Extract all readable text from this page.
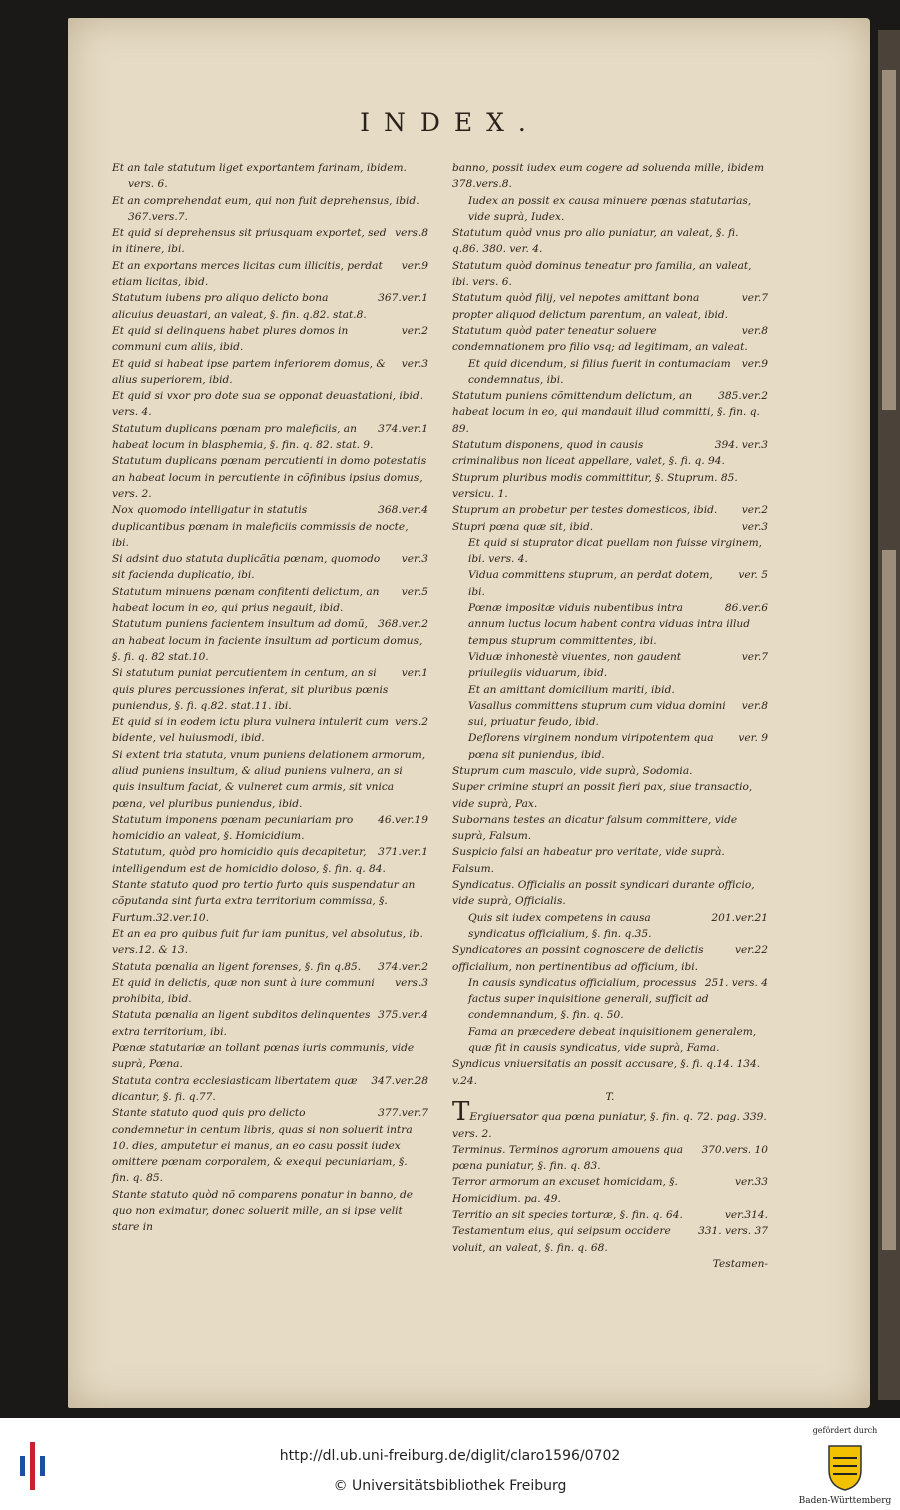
INDEX.

Et an tale statutum liget exportantem farinam, ibidem.

vers. 6.

Et an comprehendat eum, qui non fuit deprehensus, ibid.

367.vers.7.

vers.8
Et quid si deprehensus sit priusquam exportet, sed in itinere, ibi.

ver.9
Et an exportans merces licitas cum illicitis, perdat etiam licitas, ibid.

367.ver.1
Statutum iubens pro aliquo delicto bona alicuius deuastari, an valeat, §. fin. q.82. stat.8.

ver.2
Et quid si delinquens habet plures domos in communi cum aliis, ibid.

ver.3
Et quid si habeat ipse partem inferiorem domus, & alius superiorem, ibid.

Et quid si vxor pro dote sua se opponat deuastationi, ibid. vers. 4.

374.ver.1
Statutum duplicans pœnam pro maleficiis, an habeat locum in blasphemia, §. fin. q. 82. stat. 9.

Statutum duplicans pœnam percutienti in domo potestatis an habeat locum in percutiente in cõfinibus ipsius domus, vers. 2.

368.ver.4
Nox quomodo intelligatur in statutis duplicantibus pœnam in maleficiis commissis de nocte, ibi.

ver.3
Si adsint duo statuta duplicãtia pœnam, quomodo sit faciendа duplicatio, ibi.

ver.5
Statutum minuens pœnam confitenti delictum, an habeat locum in eo, qui prius negauit, ibid.

368.ver.2
Statutum puniens facientem insultum ad domũ, an habeat locum in faciente insultum ad porticum domus, §. fi. q. 82 stat.10.

ver.1
Si statutum puniat percutientem in centum, an si quis plures percussiones inferat, sit pluribus pœnis puniendus, §. fi. q.82. stat.11. ibi.

vers.2
Et quid si in eodem ictu plura vulnera intulerit cum bidente, vel huiusmodi, ibid.

Si extent tria statuta, vnum puniens delationem armorum, aliud puniens insultum, & aliud puniens vulnera, an si quis insultum faciat, & vulneret cum armis, sit vnica pœna, vel pluribus puniendus, ibid.

46.ver.19
Statutum imponens pœnam pecuniariam pro homicidio an valeat, §. Homicidium.

371.ver.1
Statutum, quòd pro homicidio quis decapitetur, intelligendum est de homicidio doloso, §. fin. q. 84.

Stante statuto quod pro tertio furto quis suspendatur an cõputanda sint furta extra territorium commissa, §. Furtum.32.ver.10.

Et an ea pro quibus fuit fur iam punitus, vel absolutus, ib. vers.12. & 13.

374.ver.2
Statuta pœnalia an ligent forenses, §. fin q.85.

vers.3
Et quid in delictis, quæ non sunt à iure communi prohibita, ibid.

375.ver.4
Statuta pœnalia an ligent subditos delinquentes extra territorium, ibi.

Pœnæ statutariæ an tollant pœnas iuris communis, vide suprà, Pœna.

347.ver.28
Statuta contra ecclesiasticam libertatem quæ dicantur, §. fi. q.77.

377.ver.7
Stante statuto quod quis pro delicto condemnetur in centum libris, quas si non soluerit intra 10. dies, amputetur ei manus, an eo casu possit iudex omittere pœnam corporalem, & exequi pecuniariam, §. fin. q. 85.

Stante statuto quòd nõ comparens ponatur in banno, de quo non eximatur, donec soluerit mille, an si ipse velit stare in

banno, possit iudex eum cogere ad soluenda mille, ibidem 378.vers.8.

Iudex an possit ex causa minuere pœnas statutarias, vide suprà, Iudex.

Statutum quòd vnus pro alio puniatur, an valeat, §. fi. q.86. 380. ver. 4.

Statutum quòd dominus teneatur pro familia, an valeat, ibi. vers. 6.

ver.7
Statutum quòd filij, vel nepotes amittant bona propter aliquod delictum parentum, an valeat, ibid.

ver.8
Statutum quòd pater teneatur soluere condemnationem pro filio vsq; ad legitimam, an valeat.

ver.9
Et quid dicendum, si filius fuerit in contumaciam condemnatus, ibi.

385.ver.2
Statutum puniens cõmittendum delictum, an habeat locum in eo, qui mandauit illud committi, §. fin. q. 89.

394. ver.3
Statutum disponens, quod in causis criminalibus non liceat appellare, valet, §. fi. q. 94.

Stuprum pluribus modis committitur, §. Stuprum. 85. versicu. 1.

ver.2
Stuprum an probetur per testes domesticos, ibid.

ver.3
Stupri pœna quæ sit, ibid.

Et quid si stuprator dicat puellam non fuisse virginem, ibi. vers. 4.

ver. 5
Vidua committens stuprum, an perdat dotem, ibi.

86.ver.6
Pœnæ impositæ viduis nubentibus intra annum luctus locum habent contra viduas intra illud tempus stuprum committentes, ibi.

ver.7
Viduæ inhonestè viuentes, non gaudent priuilegiis viduarum, ibid.

Et an amittant domicilium mariti, ibid.

ver.8
Vasallus committens stuprum cum vidua domini sui, priuatur feudo, ibid.

ver. 9
Deflorens virginem nondum viripotentem qua pœna sit puniendus, ibid.

Stuprum cum masculo, vide suprà, Sodomia.

Super crimine stupri an possit fieri pax, siue transactio, vide suprà, Pax.

Subornans testes an dicatur falsum committere, vide suprà, Falsum.

Suspicio falsi an habeatur pro veritate, vide suprà. Falsum.

Syndicatus. Officialis an possit syndicari durante officio, vide suprà, Officialis.

201.ver.21
Quis sit iudex competens in causa syndicatus officialium, §. fin. q.35.

ver.22
Syndicatores an possint cognoscere de delictis officialium, non pertinentibus ad officium, ibi.

251. vers. 4
In causis syndicatus officialium, processus factus super inquisitione generali, sufficit ad condemnandum, §. fin. q. 50.

Fama an præcedere debeat inquisitionem generalem, quæ fit in causis syndicatus, vide suprà, Fama.

Syndicus vniuersitatis an possit accusare, §. fi. q.14. 134. v.24.

T.

TErgiuersator qua pœna puniatur, §. fin. q. 72. pag. 339. vers. 2.

370.vers. 10
Terminus. Terminos agrorum amouens qua pœna puniatur, §. fin. q. 83.

ver.33
Terror armorum an excuset homicidam, §. Homicidium. pa. 49.

ver.314.
Territio an sit species torturæ, §. fin. q. 64.

331. vers. 37
Testamentum eius, qui seipsum occidere voluit, an valeat, §. fin. q. 68.

Testamen-

http://dl.ub.uni-freiburg.de/diglit/claro1596/0702
© Universitätsbibliothek Freiburg
gefördert durch
Baden-Württemberg
